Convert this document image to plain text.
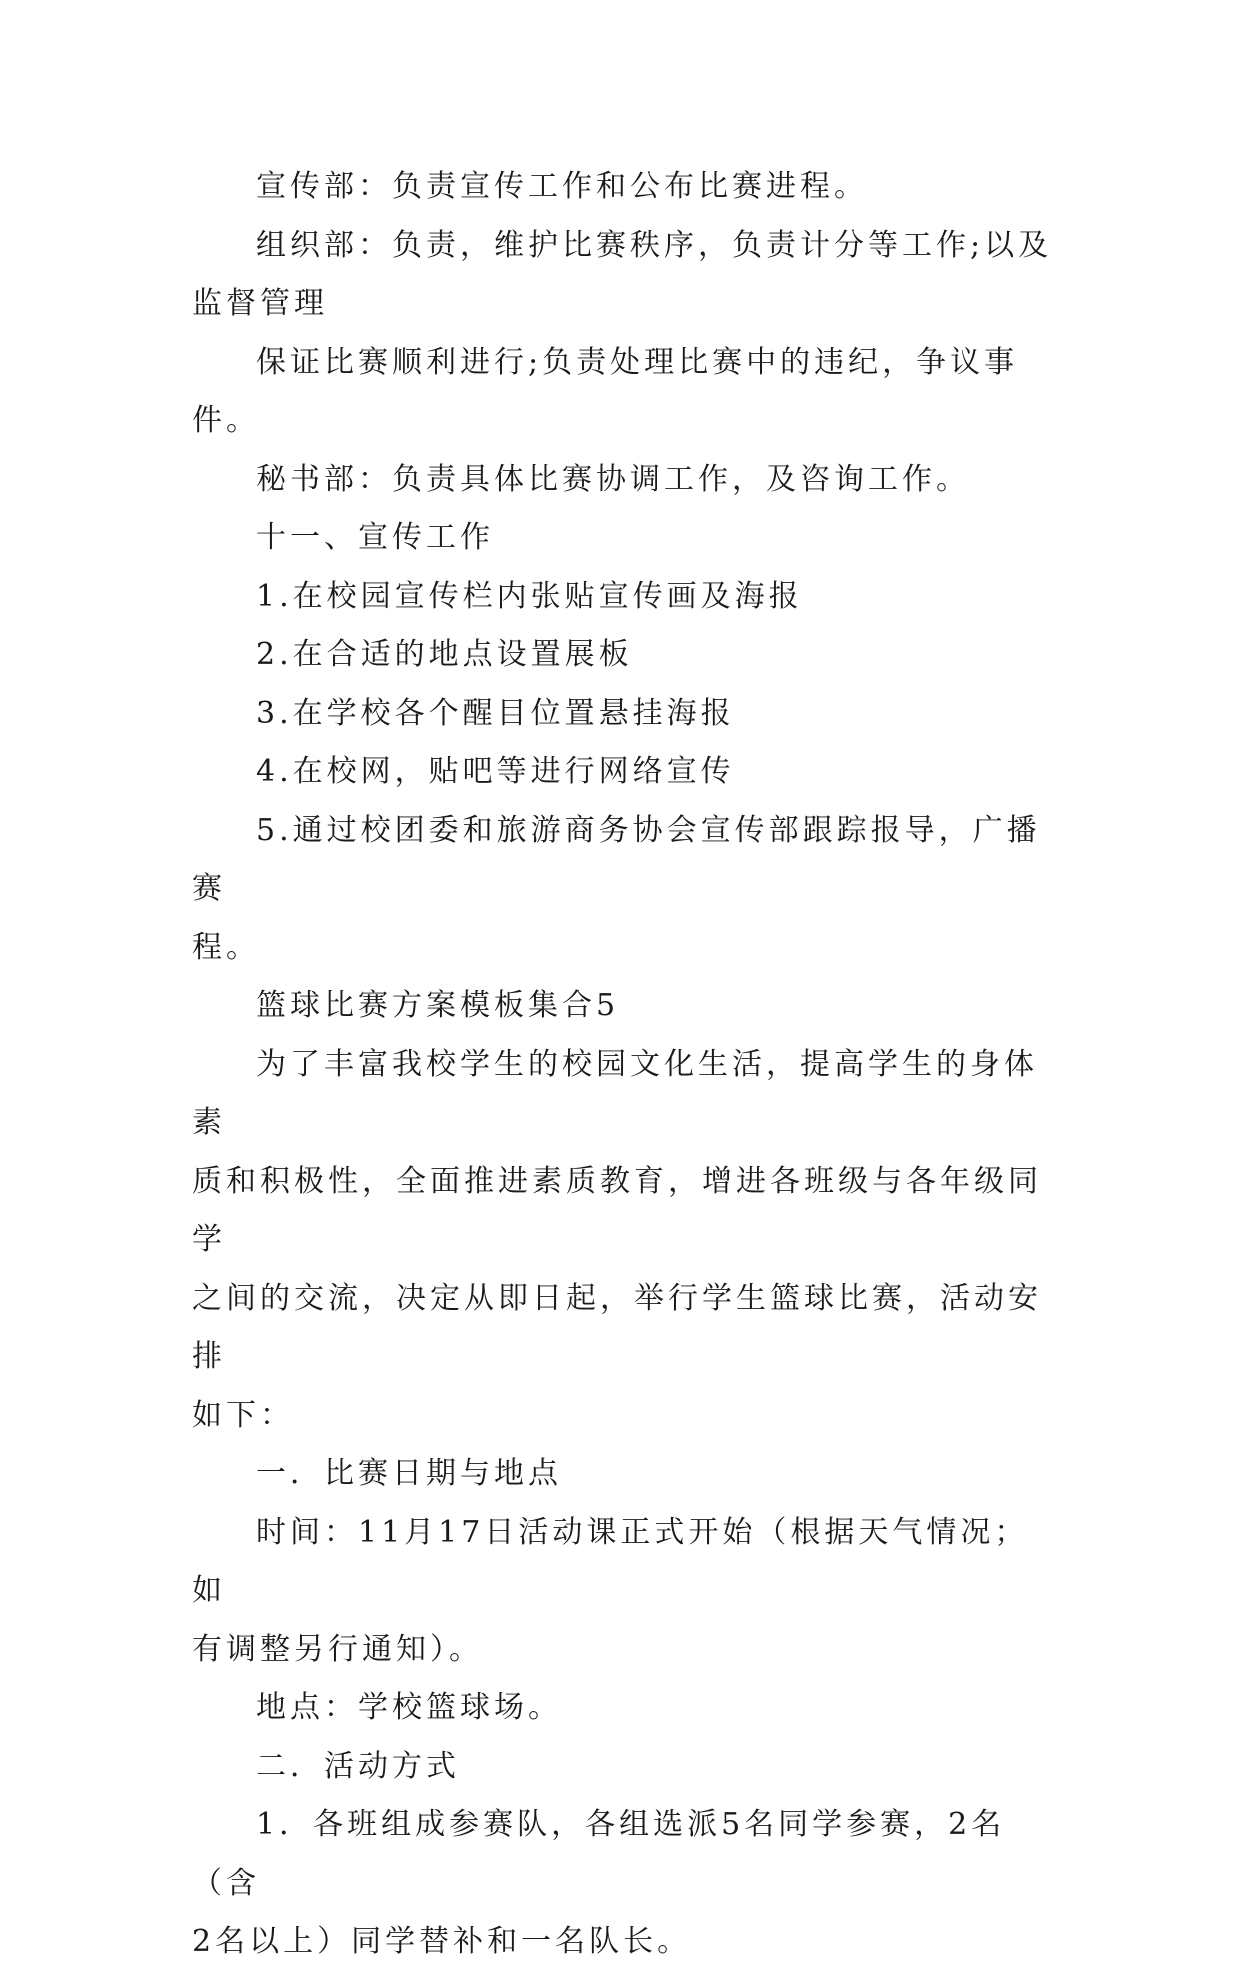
宣传部：负责宣传工作和公布比赛进程。
组织部：负责，维护比赛秩序，负责计分等工作;以及
监督管理
保证比赛顺利进行;负责处理比赛中的违纪，争议事件。
秘书部：负责具体比赛协调工作，及咨询工作。
十一、宣传工作
1.在校园宣传栏内张贴宣传画及海报
2.在合适的地点设置展板
3.在学校各个醒目位置悬挂海报
4.在校网，贴吧等进行网络宣传
5.通过校团委和旅游商务协会宣传部跟踪报导，广播赛
程。
篮球比赛方案模板集合5
为了丰富我校学生的校园文化生活，提高学生的身体素
质和积极性，全面推进素质教育，增进各班级与各年级同学
之间的交流，决定从即日起，举行学生篮球比赛，活动安排
如下：
一．比赛日期与地点
时间：11月17日活动课正式开始（根据天气情况；如
有调整另行通知）。
地点：学校篮球场。
二．活动方式
1．各班组成参赛队，各组选派5名同学参赛，2名（含
2名以上）同学替补和一名队长。
